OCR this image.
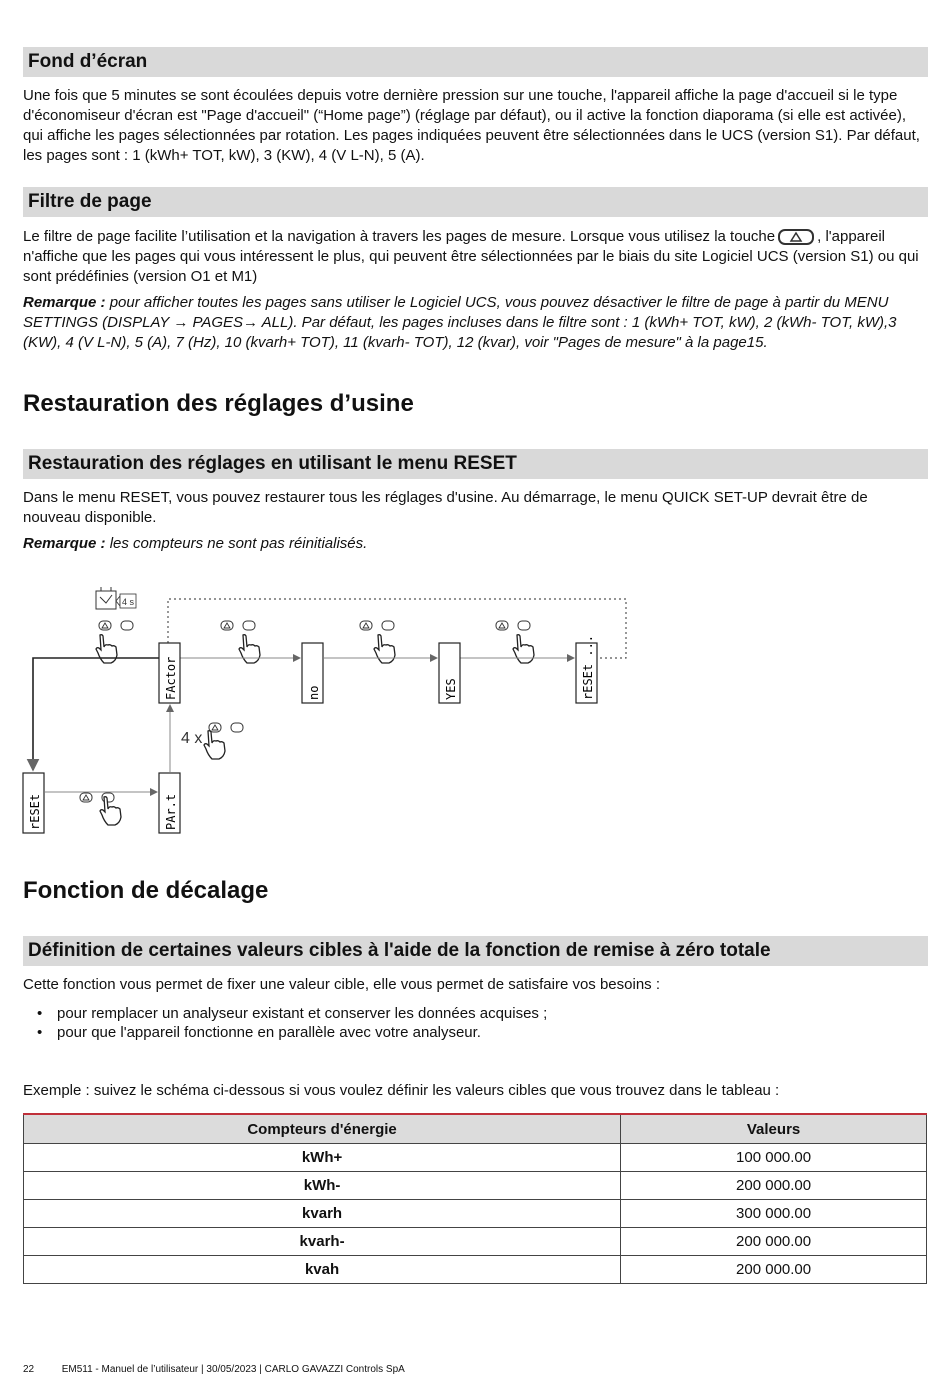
Fond d’écran

Une fois que 5 minutes se sont écoulées depuis votre dernière pression sur une touche, l'appareil affiche la page d'accueil si le type d'économiseur d'écran est "Page d'accueil" (“Home page”) (réglage par défaut), ou il active la fonction diaporama (si elle est activée), qui affiche les pages sélectionnées par rotation. Les pages indiquées peuvent être sélectionnées dans le UCS (version S1). Par défaut, les pages sont : 1 (kWh+ TOT, kW), 3 (KW), 4 (V L-N), 5 (A).

Filtre de page

Le filtre de page facilite l’utilisation et la navigation à travers les pages de mesure. Lorsque vous utilisez la touche	, l'appareil n'affiche que les pages qui vous intéressent le plus, qui peuvent être sélectionnées par le biais du site Logiciel UCS (version S1) ou qui sont prédéfinies (version O1 et M1)

Remarque : pour afficher toutes les pages sans utiliser le Logiciel UCS, vous pouvez désactiver le filtre de page à partir du MENU SETTINGS (DISPLAY → PAGES→ ALL). Par défaut, les pages incluses dans le filtre sont : 1 (kWh+ TOT, kW), 2 (kWh- TOT, kW),3 (KW), 4 (V L-N), 5 (A), 7 (Hz), 10 (kvarh+ TOT), 11 (kvarh- TOT), 12 (kvar), voir "Pages de mesure" à la page15.

Restauration des réglages d’usine
Restauration des réglages en utilisant le menu RESET

Dans le menu RESET, vous pouvez restaurer tous les réglages d'usine. Au démarrage, le menu QUICK SET-UP devrait être de nouveau disponible.

Remarque : les compteurs ne sont pas réinitialisés.

4 s
4 x
FActor	no	YES	rESEt ...
rESEt	PAr.t
Fonction de décalage
Définition de certaines valeurs cibles à l'aide de la fonction de remise à zéro totale

Cette fonction vous permet de fixer une valeur cible, elle vous permet de satisfaire vos besoins :

• pour remplacer un analyseur existant et conserver les données acquises ;
• pour que l'appareil fonctionne en parallèle avec votre analyseur.

Exemple : suivez le schéma ci-dessous si vous voulez définir les valeurs cibles que vous trouvez dans le tableau :

Compteurs d'énergie	Valeurs
kWh+	100 000.00
kWh-	200 000.00
kvarh	300 000.00
kvarh-	200 000.00
kvah	200 000.00
22	EM511 - Manuel de l’utilisateur | 30/05/2023 | CARLO GAVAZZI Controls SpA
